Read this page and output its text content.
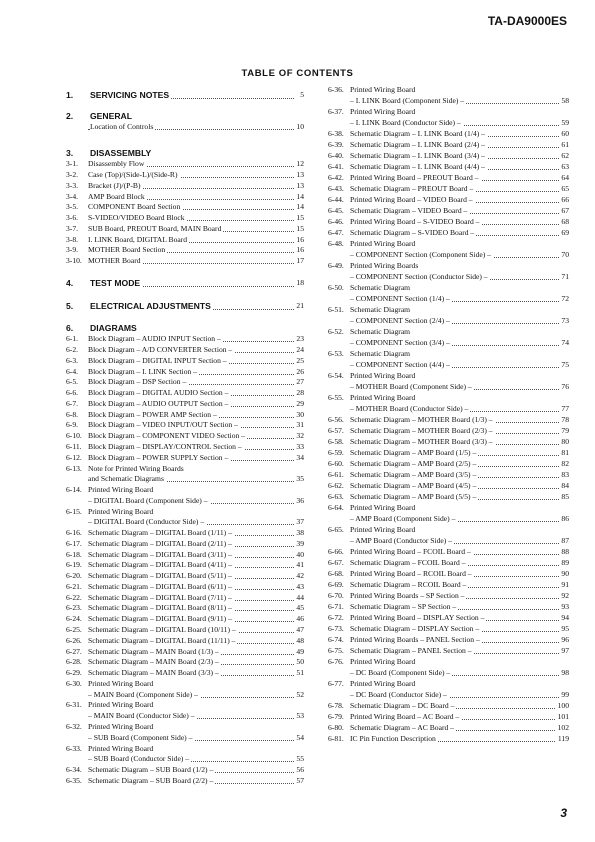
TA-DA9000ES
TABLE OF CONTENTS
1. SERVICING NOTES	5
2. GENERAL
Location of Controls	10
3. DISASSEMBLY
3-1. Disassembly Flow	12
3-2. Case (Top)/(Side-L)/(Side-R)	13
3-3. Bracket (J)/(P-B)	13
3-4. AMP Board Block	14
3-5. COMPONENT Board Section	14
3-6. S-VIDEO/VIDEO Board Block	15
3-7. SUB Board, PREOUT Board, MAIN Board	15
3-8. I. LINK Board, DIGITAL Board	16
3-9. MOTHER Board Section	16
3-10. MOTHER Board	17
4. TEST MODE	18
5. ELECTRICAL ADJUSTMENTS	21
6. DIAGRAMS
6-1. Block Diagram – AUDIO INPUT Section –	23
6-2. Block Diagram – A/D CONVERTER Section –	24
6-3. Block Diagram – DIGITAL INPUT Section –	25
6-4. Block Diagram – I. LINK Section –	26
6-5. Block Diagram – DSP Section –	27
6-6. Block Diagram – DIGITAL AUDIO Section –	28
6-7. Block Diagram – AUDIO OUTPUT Section –	29
6-8. Block Diagram – POWER AMP Section –	30
6-9. Block Diagram – VIDEO INPUT/OUT Section –	31
6-10. Block Diagram – COMPONENT VIDEO Section –	32
6-11. Block Diagram – DISPLAY/CONTROL Section –	33
6-12. Block Diagram – POWER SUPPLY Section –	34
6-13. Note for Printed Wiring Boards
and Schematic Diagrams	35
6-14. Printed Wiring Board
– DIGITAL Board (Component Side) –	36
6-15. Printed Wiring Board
– DIGITAL Board (Conductor Side) –	37
6-16. Schematic Diagram – DIGITAL Board (1/11) –	38
6-17. Schematic Diagram – DIGITAL Board (2/11) –	39
6-18. Schematic Diagram – DIGITAL Board (3/11) –	40
6-19. Schematic Diagram – DIGITAL Board (4/11) –	41
6-20. Schematic Diagram – DIGITAL Board (5/11) –	42
6-21. Schematic Diagram – DIGITAL Board (6/11) –	43
6-22. Schematic Diagram – DIGITAL Board (7/11) –	44
6-23. Schematic Diagram – DIGITAL Board (8/11) –	45
6-24. Schematic Diagram – DIGITAL Board (9/11) –	46
6-25. Schematic Diagram – DIGITAL Board (10/11) –	47
6-26. Schematic Diagram – DIGITAL Board (11/11) –	48
6-27. Schematic Diagram – MAIN Board (1/3) –	49
6-28. Schematic Diagram – MAIN Board (2/3) –	50
6-29. Schematic Diagram – MAIN Board (3/3) –	51
6-30. Printed Wiring Board
– MAIN Board (Component Side) –	52
6-31. Printed Wiring Board
– MAIN Board (Conductor Side) –	53
6-32. Printed Wiring Board
– SUB Board (Component Side) –	54
6-33. Printed Wiring Board
– SUB Board (Conductor Side) –	55
6-34. Schematic Diagram – SUB Board (1/2) –	56
6-35. Schematic Diagram – SUB Board (2/2) –	57
6-36. Printed Wiring Board
– I. LINK Board (Component Side) –	58
6-37. Printed Wiring Board
– I. LINK Board (Conductor Side) –	59
6-38. Schematic Diagram – I. LINK Board (1/4) –	60
6-39. Schematic Diagram – I. LINK Board (2/4) –	61
6-40. Schematic Diagram – I. LINK Board (3/4) –	62
6-41. Schematic Diagram – I. LINK Board (4/4) –	63
6-42. Printed Wiring Board – PREOUT Board –	64
6-43. Schematic Diagram – PREOUT Board –	65
6-44. Printed Wiring Board – VIDEO Board –	66
6-45. Schematic Diagram – VIDEO Board –	67
6-46. Printed Wiring Board – S-VIDEO Board –	68
6-47. Schematic Diagram – S-VIDEO Board –	69
6-48. Printed Wiring Board
– COMPONENT Section (Component Side) –	70
6-49. Printed Wiring Boards
– COMPONENT Section (Conductor Side) –	71
6-50. Schematic Diagram
– COMPONENT Section (1/4) –	72
6-51. Schematic Diagram
– COMPONENT Section (2/4) –	73
6-52. Schematic Diagram
– COMPONENT Section (3/4) –	74
6-53. Schematic Diagram
– COMPONENT Section (4/4) –	75
6-54. Printed Wiring Board
– MOTHER Board (Component Side) –	76
6-55. Printed Wiring Board
– MOTHER Board (Conductor Side) –	77
6-56. Schematic Diagram – MOTHER Board (1/3) –	78
6-57. Schematic Diagram – MOTHER Board (2/3) –	79
6-58. Schematic Diagram – MOTHER Board (3/3) –	80
6-59. Schematic Diagram – AMP Board (1/5) –	81
6-60. Schematic Diagram – AMP Board (2/5) –	82
6-61. Schematic Diagram – AMP Board (3/5) –	83
6-62. Schematic Diagram – AMP Board (4/5) –	84
6-63. Schematic Diagram – AMP Board (5/5) –	85
6-64. Printed Wiring Board
– AMP Board (Component Side) –	86
6-65. Printed Wiring Board
– AMP Board (Conductor Side) –	87
6-66. Printed Wiring Board – FCOIL Board –	88
6-67. Schematic Diagram – FCOIL Board –	89
6-68. Printed Wiring Board – RCOIL Board –	90
6-69. Schematic Diagram – RCOIL Board –	91
6-70. Printed Wiring Boards – SP Section –	92
6-71. Schematic Diagram – SP Section –	93
6-72. Printed Wiring Board – DISPLAY Section –	94
6-73. Schematic Diagram – DISPLAY Section –	95
6-74. Printed Wiring Boards – PANEL Section –	96
6-75. Schematic Diagram – PANEL Section –	97
6-76. Printed Wiring Board
– DC Board (Component Side) –	98
6-77. Printed Wiring Board
– DC Board (Conductor Side) –	99
6-78. Schematic Diagram – DC Board –	100
6-79. Printed Wiring Board – AC Board –	101
6-80. Schematic Diagram – AC Board –	102
6-81. IC Pin Function Description	119
3
